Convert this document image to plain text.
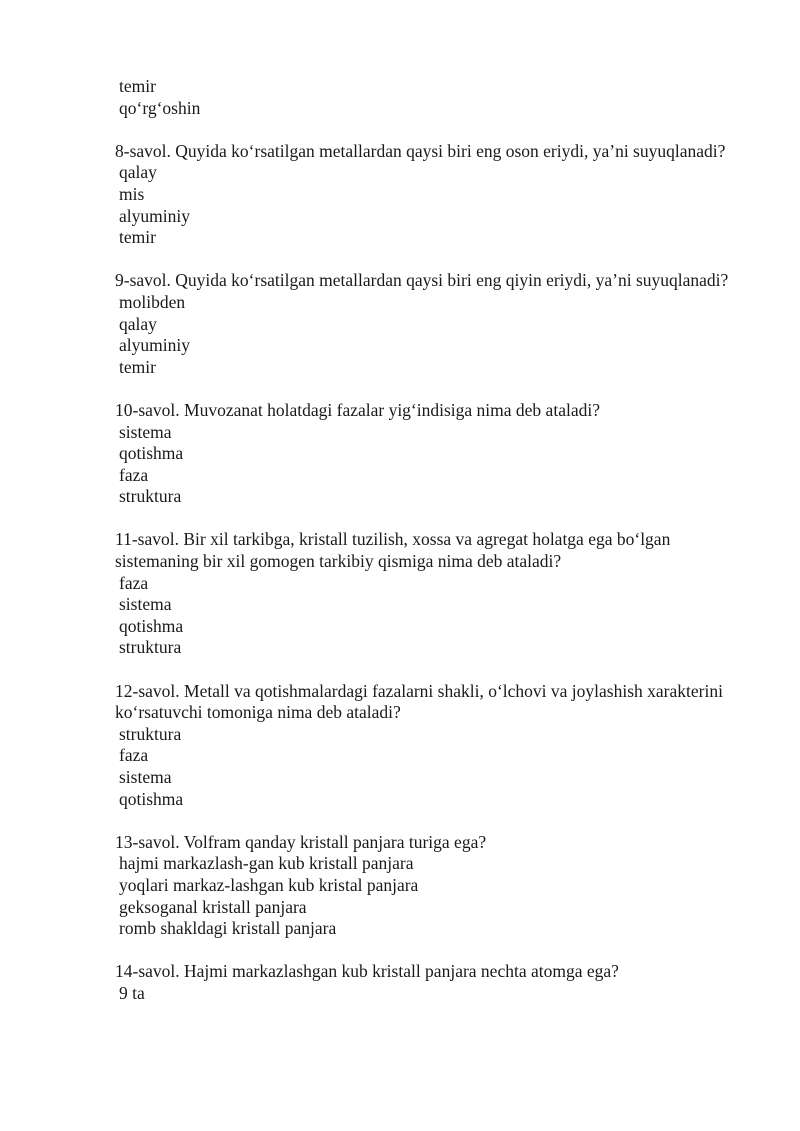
temir

qo‘rg‘oshin

8-savol. Quyida ko‘rsatilgan metallardan qaysi biri eng oson eriydi, ya’ni suyuqlanadi?

qalay

mis

alyuminiy

temir

9-savol. Quyida ko‘rsatilgan metallardan qaysi biri eng qiyin eriydi, ya’ni suyuqlanadi?

molibden

qalay

alyuminiy

temir

10-savol. Muvozanat holatdagi fazalar yig‘indisiga nima deb ataladi?

sistema

qotishma

faza

struktura

11-savol. Bir xil tarkibga, kristall tuzilish, xossa va agregat holatga ega bo‘lgan sistemaning bir xil gomogen tarkibiy qismiga nima deb ataladi?

faza

sistema

qotishma

struktura

12-savol. Metall va qotishmalardagi fazalarni shakli, o‘lchovi va joylashish xarakterini ko‘rsatuvchi tomoniga nima deb ataladi?

struktura

faza

sistema

qotishma

13-savol. Volfram qanday kristall panjara turiga ega?

hajmi markazlash-gan kub kristall panjara

yoqlari markaz-lashgan kub kristal panjara

geksoganal kristall panjara

romb shakldagi kristall panjara

14-savol. Hajmi markazlashgan kub kristall panjara nechta atomga ega?

9 ta
